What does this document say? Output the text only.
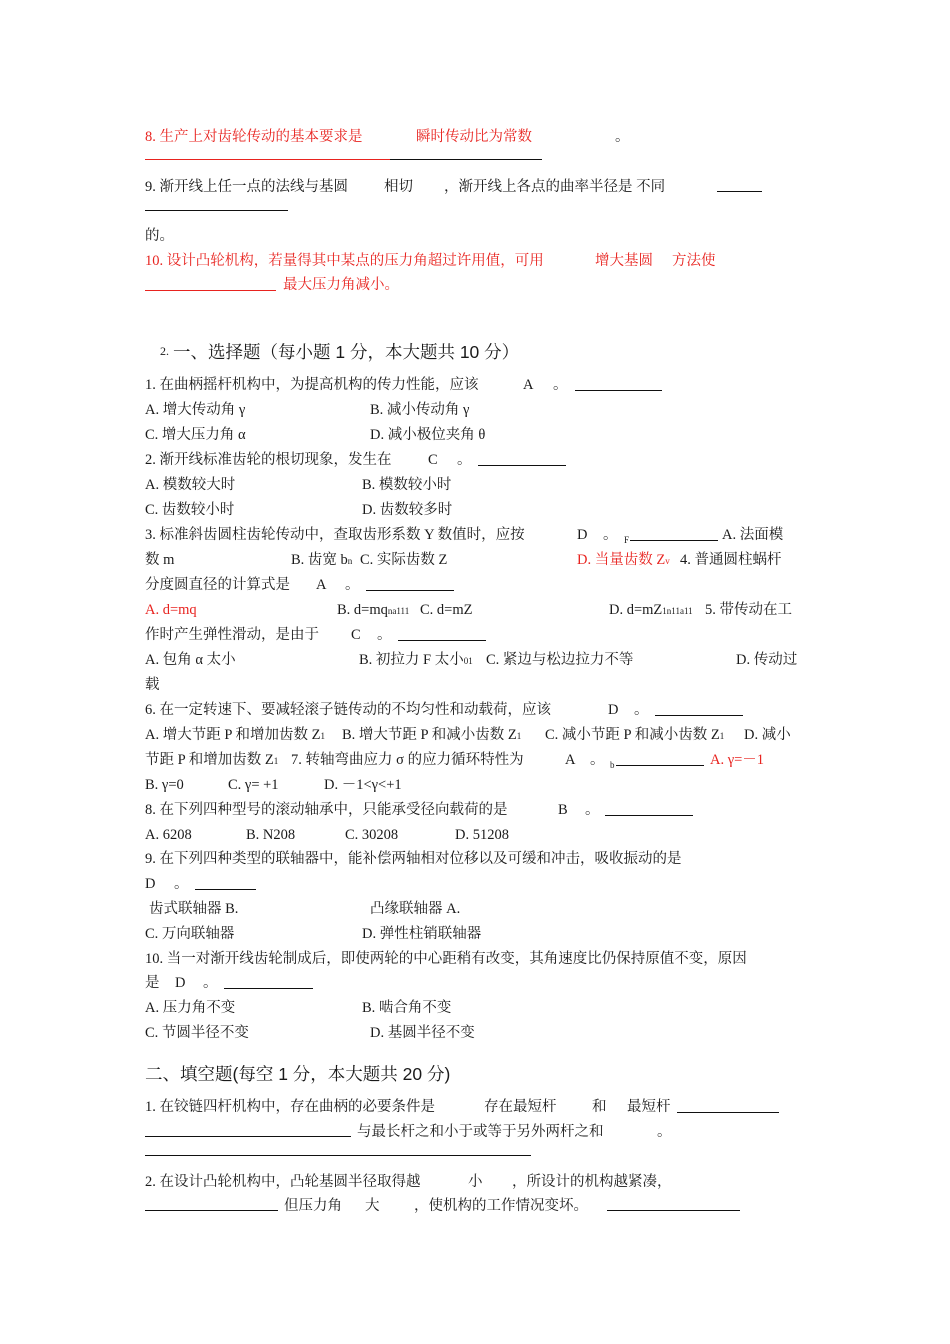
8. 生产上对齿轮传动的基本要求是	瞬时传动比为常数	。
9. 渐开线上任一点的法线与基圆 相切 ，渐开线上各点的曲率半径是 不同
的。
10. 设计凸轮机构，若量得其中某点的压力角超过许用值，可用	增大基圆 方法使
最大压力角减小。
2. 一、选择题（每小题 1 分，本大题共 10 分）
1. 在曲柄摇杆机构中，为提高机构的传力性能，应该	A 。
A. 增大传动角 γ	B. 减小传动角 γ
C. 增大压力角 α	D. 减小极位夹角 θ
2. 渐开线标准齿轮的根切现象，发生在	C 。
A. 模数较大时	B. 模数较小时
C. 齿数较小时	D. 齿数较多时
3. 标准斜齿圆柱齿轮传动中，查取齿形系数 Y 数值时，应按	D 。 F	A. 法面模
数 m	B. 齿宽 bn C. 实际齿数 Z	D. 当量齿数 Zv 4. 普通圆柱蜗杆
分度圆直径的计算式是 A 。
A. d=mq	B. d=mqna111 C. d=mZ	D. d=mZ1n11a11 5. 带传动在工
作时产生弹性滑动，是由于 C 。
A. 包角 α 太小	B. 初拉力 F 太小01 C. 紧边与松边拉力不等	D. 传动过
载
6. 在一定转速下、要减轻滚子链传动的不均匀性和动载荷，应该	D 。
A. 增大节距 P 和增加齿数 Z1 B. 增大节距 P 和减小齿数 Z1 C. 减小节距 P 和减小齿数 Z1 D. 减小
节距 P 和增加齿数 Z1 7. 转轴弯曲应力 σ 的应力循环特性为	A 。 b	A. γ=－1
B. γ=0	C. γ= +1	D. －1<γ<+1
8. 在下列四种型号的滚动轴承中，只能承受径向载荷的是	B 。
A. 6208	B. N208	C. 30208	D. 51208
9. 在下列四种类型的联轴器中，能补偿两轴相对位移以及可缓和冲击，吸收振动的是
D 。
齿式联轴器 B.	凸缘联轴器 A.
C. 万向联轴器	D. 弹性柱销联轴器
10. 当一对渐开线齿轮制成后，即使两轮的中心距稍有改变，其角速度比仍保持原值不变，原因
是 D 。
A. 压力角不变	B. 啮合角不变
C. 节圆半径不变	D. 基圆半径不变
二、填空题(每空 1 分，本大题共 20 分)
1. 在铰链四杆机构中，存在曲柄的必要条件是	存在最短杆 和 最短杆
与最长杆之和小于或等于另外两杆之和	。
2. 在设计凸轮机构中，凸轮基圆半径取得越	小 ，所设计的机构越紧凑，
但压力角 大 ，使机构的工作情况变坏。
